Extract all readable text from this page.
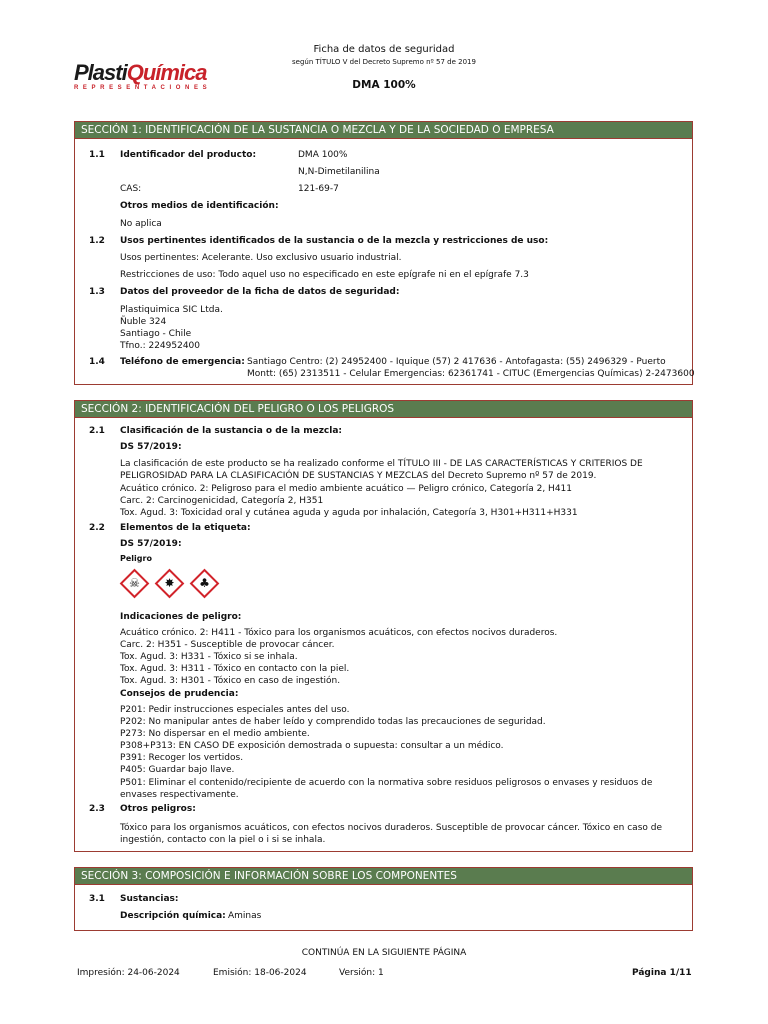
PlastiQuímica
REPRESENTACIONES
Ficha de datos de seguridad
según TÍTULO V del Decreto Supremo nº 57 de 2019
DMA 100%
SECCIÓN 1: IDENTIFICACIÓN DE LA SUSTANCIA O MEZCLA Y DE LA SOCIEDAD O EMPRESA
1.1 Identificador del producto:	DMA 100%
N,N-Dimetilanilina
CAS:	121-69-7
Otros medios de identificación:
No aplica
1.2 Usos pertinentes identificados de la sustancia o de la mezcla y restricciones de uso:
Usos pertinentes: Acelerante. Uso exclusivo usuario industrial.
Restricciones de uso: Todo aquel uso no especificado en este epígrafe ni en el epígrafe 7.3
1.3 Datos del proveedor de la ficha de datos de seguridad:
Plastiquimica SIC Ltda.
Ñuble 324
Santiago - Chile
Tfno.: 224952400
1.4 Teléfono de emergencia: Santiago Centro: (2) 24952400 - Iquique (57) 2 417636 - Antofagasta: (55) 2496329 - Puerto
Montt: (65) 2313511 - Celular Emergencias: 62361741 - CITUC (Emergencias Químicas) 2-2473600
SECCIÓN 2: IDENTIFICACIÓN DEL PELIGRO O LOS PELIGROS
2.1 Clasificación de la sustancia o de la mezcla:
DS 57/2019:
La clasificación de este producto se ha realizado conforme el TÍTULO III - DE LAS CARACTERÍSTICAS Y CRITERIOS DE PELIGROSIDAD PARA LA CLASIFICACIÓN DE SUSTANCIAS Y MEZCLAS del Decreto Supremo nº 57 de 2019.
Acuático crónico. 2: Peligroso para el medio ambiente acuático — Peligro crónico, Categoría 2, H411
Carc. 2: Carcinogenicidad, Categoría 2, H351
Tox. Agud. 3: Toxicidad oral y cutánea aguda y aguda por inhalación, Categoría 3, H301+H311+H331
2.2 Elementos de la etiqueta:
DS 57/2019:
Peligro
☠	✸	♣
Indicaciones de peligro:
Acuático crónico. 2: H411 - Tóxico para los organismos acuáticos, con efectos nocivos duraderos.
Carc. 2: H351 - Susceptible de provocar cáncer.
Tox. Agud. 3: H331 - Tóxico si se inhala.
Tox. Agud. 3: H311 - Tóxico en contacto con la piel.
Tox. Agud. 3: H301 - Tóxico en caso de ingestión.
Consejos de prudencia:
P201: Pedir instrucciones especiales antes del uso.
P202: No manipular antes de haber leído y comprendido todas las precauciones de seguridad.
P273: No dispersar en el medio ambiente.
P308+P313: EN CASO DE exposición demostrada o supuesta: consultar a un médico.
P391: Recoger los vertidos.
P405: Guardar bajo llave.
P501: Eliminar el contenido/recipiente de acuerdo con la normativa sobre residuos peligrosos o envases y residuos de envases respectivamente.
2.3 Otros peligros:
Tóxico para los organismos acuáticos, con efectos nocivos duraderos. Susceptible de provocar cáncer. Tóxico en caso de ingestión, contacto con la piel o i si se inhala.
SECCIÓN 3: COMPOSICIÓN E INFORMACIÓN SOBRE LOS COMPONENTES
3.1 Sustancias:
Descripción química: Aminas
CONTINÚA EN LA SIGUIENTE PÁGINA
Impresión: 24-06-2024	Emisión: 18-06-2024	Versión: 1	Página 1/11
